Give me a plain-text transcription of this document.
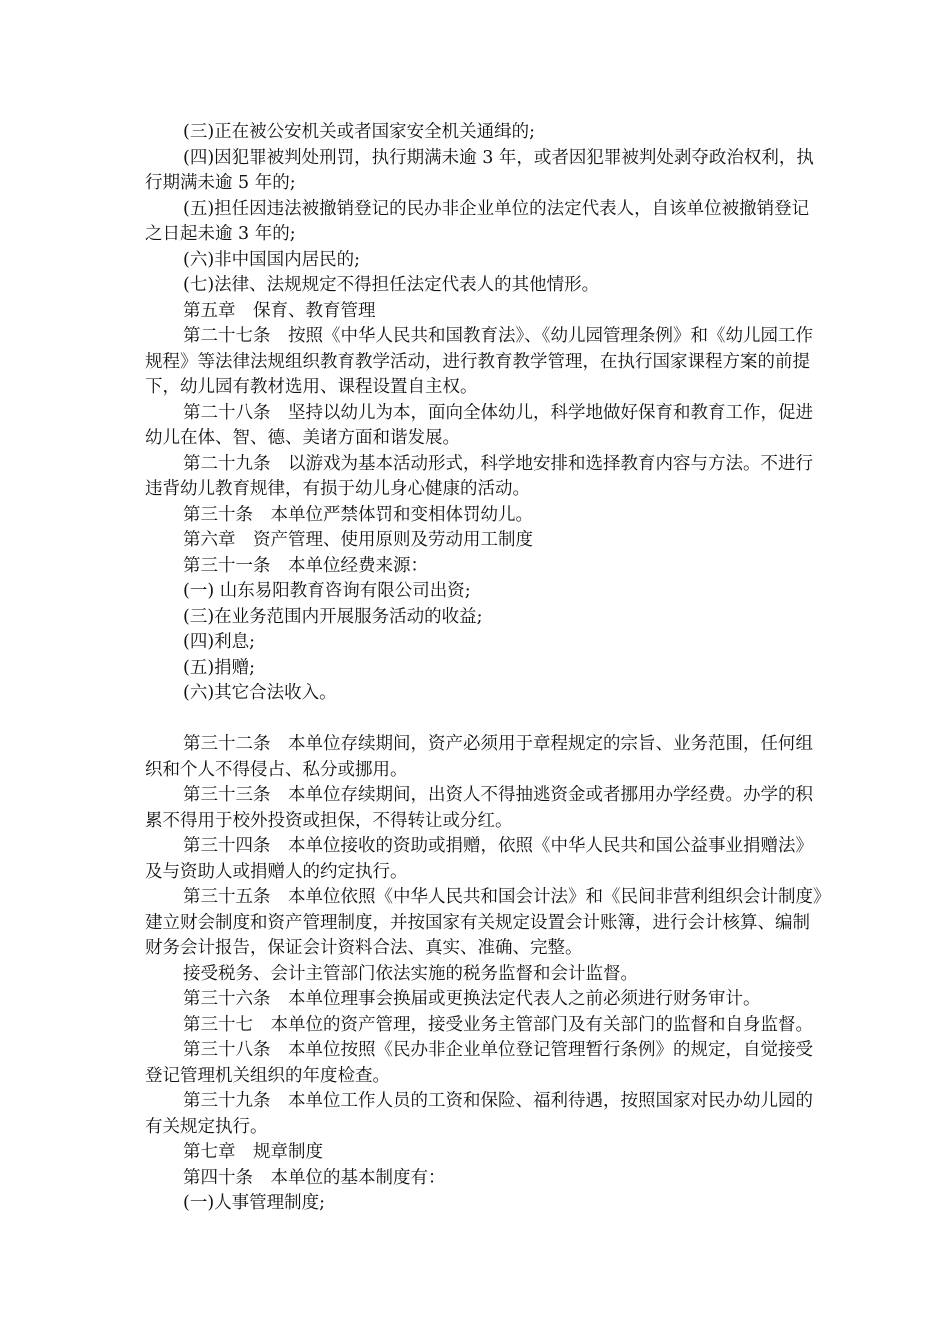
(三)正在被公安机关或者国家安全机关通缉的;

(四)因犯罪被判处刑罚，执行期满未逾 3 年，或者因犯罪被判处剥夺政治权利，执行期满未逾 5 年的;

(五)担任因违法被撤销登记的民办非企业单位的法定代表人，自该单位被撤销登记之日起未逾 3 年的;

(六)非中国国内居民的;

(七)法律、法规规定不得担任法定代表人的其他情形。

第五章　保育、教育管理

第二十七条　按照《中华人民共和国教育法》、《幼儿园管理条例》和《幼儿园工作规程》等法律法规组织教育教学活动，进行教育教学管理，在执行国家课程方案的前提下，幼儿园有教材选用、课程设置自主权。

第二十八条　坚持以幼儿为本，面向全体幼儿，科学地做好保育和教育工作，促进幼儿在体、智、德、美诸方面和谐发展。

第二十九条　以游戏为基本活动形式，科学地安排和选择教育内容与方法。不进行违背幼儿教育规律，有损于幼儿身心健康的活动。

第三十条　本单位严禁体罚和变相体罚幼儿。

第六章　资产管理、使用原则及劳动用工制度

第三十一条　本单位经费来源：

(一) 山东易阳教育咨询有限公司出资;

(三)在业务范围内开展服务活动的收益;

(四)利息;

(五)捐赠;

(六)其它合法收入。

第三十二条　本单位存续期间，资产必须用于章程规定的宗旨、业务范围，任何组织和个人不得侵占、私分或挪用。

第三十三条　本单位存续期间，出资人不得抽逃资金或者挪用办学经费。办学的积累不得用于校外投资或担保，不得转让或分红。

第三十四条　本单位接收的资助或捐赠，依照《中华人民共和国公益事业捐赠法》及与资助人或捐赠人的约定执行。

第三十五条　本单位依照《中华人民共和国会计法》和《民间非营利组织会计制度》建立财会制度和资产管理制度，并按国家有关规定设置会计账簿，进行会计核算、编制财务会计报告，保证会计资料合法、真实、准确、完整。

接受税务、会计主管部门依法实施的税务监督和会计监督。

第三十六条　本单位理事会换届或更换法定代表人之前必须进行财务审计。

第三十七　本单位的资产管理，接受业务主管部门及有关部门的监督和自身监督。

第三十八条　本单位按照《民办非企业单位登记管理暂行条例》的规定，自觉接受登记管理机关组织的年度检查。

第三十九条　本单位工作人员的工资和保险、福利待遇，按照国家对民办幼儿园的有关规定执行。

第七章　规章制度

第四十条　本单位的基本制度有：

(一)人事管理制度;
